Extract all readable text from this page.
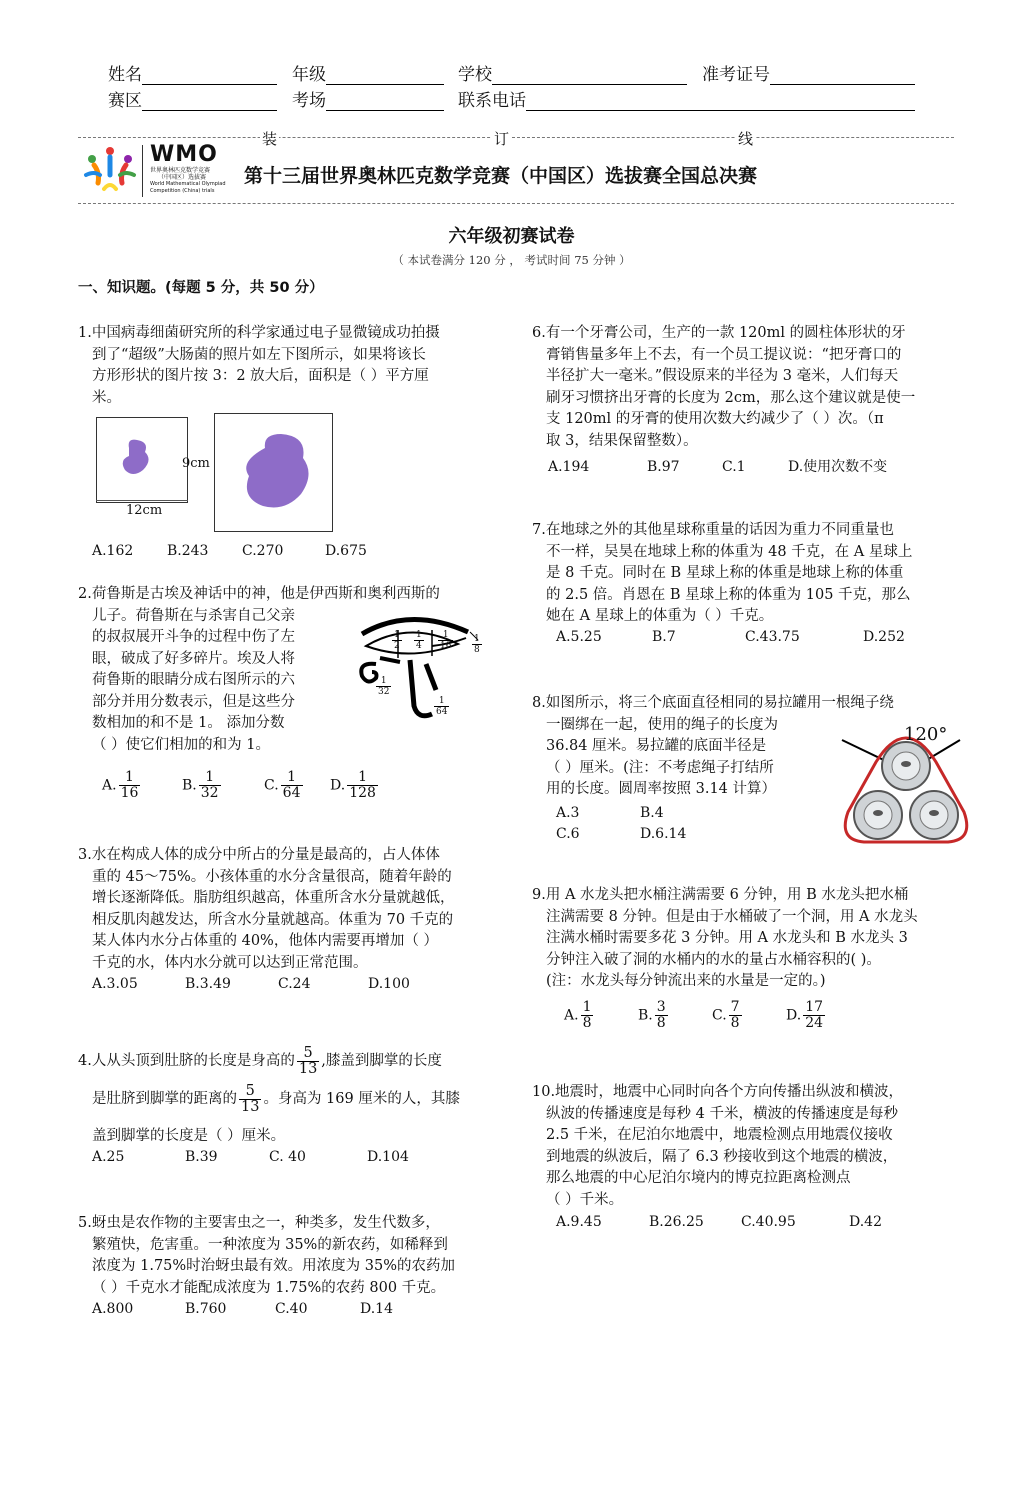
姓名	年级	学校	准考证号
赛区	考场	联系电话
装	订	线
WMO
世界奥林匹克数学竞赛
（中国区）选拔赛
World Mathematical Olympiad
Competition (China) trials
第十三届世界奥林匹克数学竞赛（中国区）选拔赛全国总决赛
六年级初赛试卷
（ 本试卷满分 120 分 ， 考试时间 75 分钟 ）
一、知识题。(每题 5 分，共 50 分）

1.中国病毒细菌研究所的科学家通过电子显微镜成功拍摄

到了“超级”大肠菌的照片如左下图所示，如果将该长

方形形状的图片按 3：2 放大后，面积是（ ）平方厘

米。

9cm
12cm
A.162 B.243 C.270	D.675

2.荷鲁斯是古埃及神话中的神，他是伊西斯和奥利西斯的

儿子。荷鲁斯在与杀害自己父亲

的叔叔展开斗争的过程中伤了左

眼，破成了好多碎片。埃及人将

荷鲁斯的眼睛分成右图所示的六

部分并用分数表示，但是这些分

数相加的和不是 1。 添加分数

（ ）使它们相加的和为 1。

$\frac{1}{2} \frac{1}{4} \frac{1}{16} \frac{1}{8}$
$\frac{1}{32}$
$\frac{1}{64}$
A. $\frac{1}{16}$	B. $\frac{1}{32}$	C. $\frac{1}{64} D$. $\frac{1}{128}$

3.水在构成人体的成分中所占的分量是最高的，占人体体

重的 45～75%。小孩体重的水分含量很高，随着年龄的

增长逐渐降低。脂肪组织越高，体重所含水分量就越低，

相反肌肉越发达，所含水分量就越高。体重为 70 千克的

某人体内水分占体重的 40%，他体内需要再增加（ ）

千克的水，体内水分就可以达到正常范围。

A.3.05	B.3.49	C.24	D.100

4.人从头顶到肚脐的长度是身高的 $\frac{5}{13}$ ,膝盖到脚掌的长度

是肚脐到脚掌的距离的 $\frac{5}{13}$ 。身高为 169 厘米的人，其膝

盖到脚掌的长度是（ ）厘米。

A.25	B.39	C. 40	D.104

5.蚜虫是农作物的主要害虫之一，种类多，发生代数多，

繁殖快，危害重。一种浓度为 35%的新农药，如稀释到

浓度为 1.75%时治蚜虫最有效。用浓度为 35%的农药加

（ ）千克水才能配成浓度为 1.75%的农药 800 千克。

A.800	B.760	C.40	D.14

6.有一个牙膏公司，生产的一款 120ml 的圆柱体形状的牙

膏销售量多年上不去，有一个员工提议说：“把牙膏口的

半径扩大一毫米。”假设原来的半径为 3 毫米，人们每天

刷牙习惯挤出牙膏的长度为 2cm，那么这个建议就是使一

支 120ml 的牙膏的使用次数大约减少了（ ）次。（π

取 3，结果保留整数）。

A.194	B.97	C.1	D.使用次数不变

7.在地球之外的其他星球称重量的话因为重力不同重量也

不一样，吴昊在地球上称的体重为 48 千克，在 A 星球上

是 8 千克。同时在 B 星球上称的体重是地球上称的体重

的 2.5 倍。肖恩在 B 星球上称的体重为 105 千克，那么

她在 A 星球上的体重为（ ）千克。

A.5.25	B.7	C.43.75	D.252

8.如图所示，将三个底面直径相同的易拉罐用一根绳子绕

一圈绑在一起，使用的绳子的长度为

36.84 厘米。易拉罐的底面半径是

（ ）厘米。(注：不考虑绳子打结所

用的长度。圆周率按照 3.14 计算）

A.3	B.4
C.6	D.6.14
120°

9.用 A 水龙头把水桶注满需要 6 分钟，用 B 水龙头把水桶

注满需要 8 分钟。但是由于水桶破了一个洞，用 A 水龙头

注满水桶时需要多花 3 分钟。用 A 水龙头和 B 水龙头 3

分钟注入破了洞的水桶内的水的量占水桶容积的( )。

(注：水龙头每分钟流出来的水量是一定的。)

A. $\frac{1}{8}$	B. $\frac{3}{8}$	C. $\frac{7}{8}$	D. $\frac{17}{24}$

10.地震时，地震中心同时向各个方向传播出纵波和横波，

纵波的传播速度是每秒 4 千米，横波的传播速度是每秒

2.5 千米，在尼泊尔地震中，地震检测点用地震仪接收

到地震的纵波后，隔了 6.3 秒接收到这个地震的横波，

那么地震的中心尼泊尔境内的博克拉距离检测点

（ ）千米。

A.9.45	B.26.25	C.40.95	D.42
